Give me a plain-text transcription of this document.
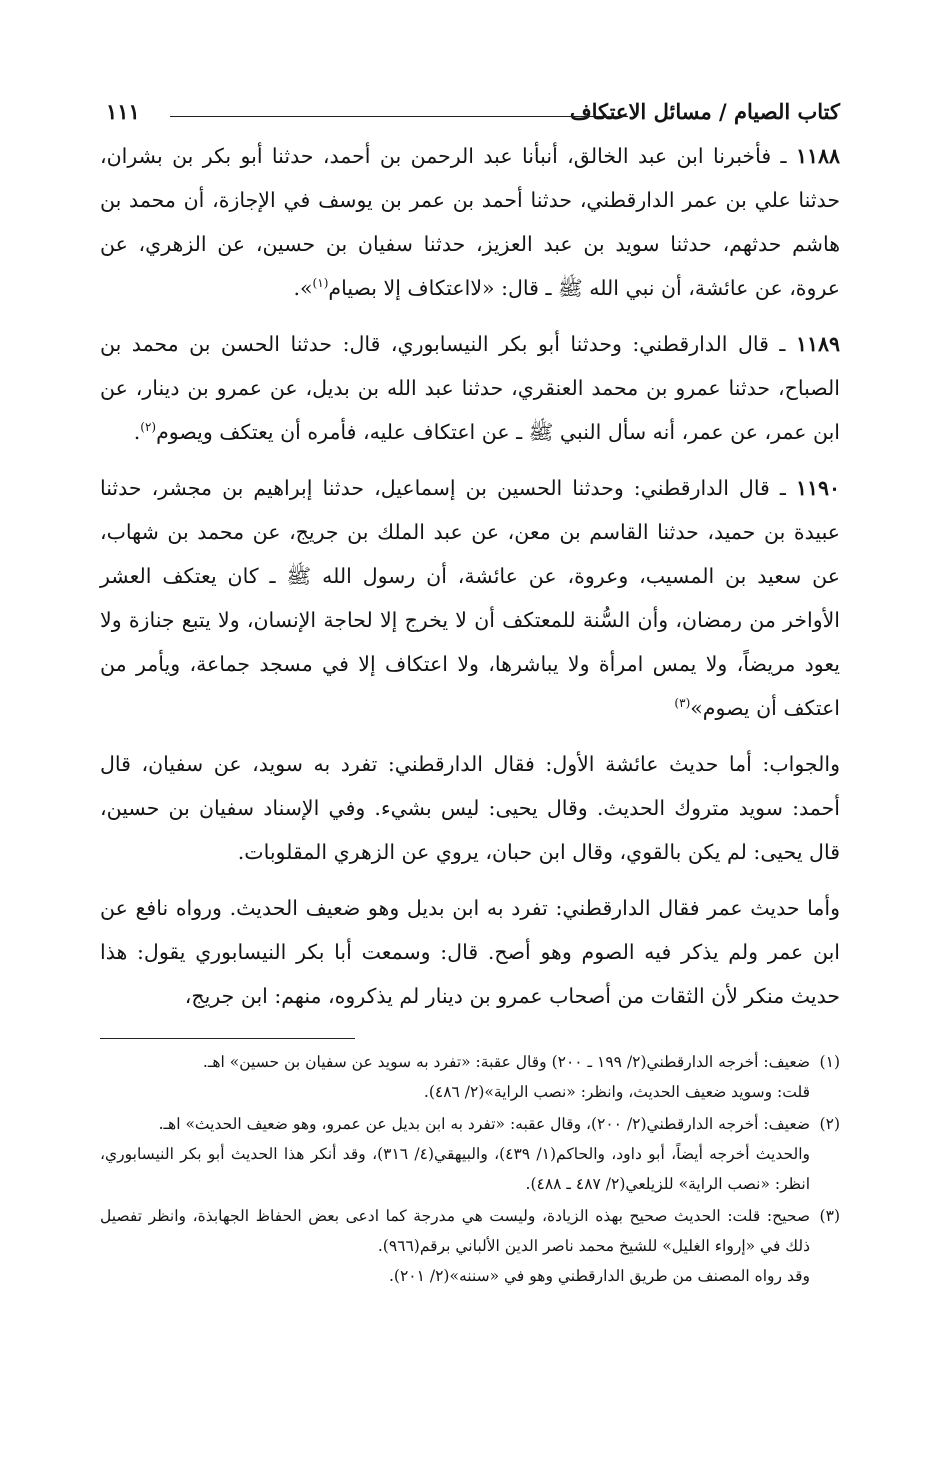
كتاب الصيام / مسائل الاعتكاف
١١١

١١٨٨ ـ فأخبرنا ابن عبد الخالق، أنبأنا عبد الرحمن بن أحمد، حدثنا أبو بكر بن بشران، حدثنا علي بن عمر الدارقطني، حدثنا أحمد بن عمر بن يوسف في الإجازة، أن محمد بن هاشم حدثهم، حدثنا سويد بن عبد العزيز، حدثنا سفيان بن حسين، عن الزهري، عن عروة، عن عائشة، أن نبي الله ﷺ ـ قال: «لااعتكاف إلا بصيام$^{(١)}$».

١١٨٩ ـ قال الدارقطني: وحدثنا أبو بكر النيسابوري، قال: حدثنا الحسن بن محمد بن الصباح، حدثنا عمرو بن محمد العنقري، حدثنا عبد الله بن بديل، عن عمرو بن دينار، عن ابن عمر، عن عمر، أنه سأل النبي ﷺ ـ عن اعتكاف عليه، فأمره أن يعتكف ويصوم$^{(٢)}$.

١١٩٠ ـ قال الدارقطني: وحدثنا الحسين بن إسماعيل، حدثنا إبراهيم بن مجشر، حدثنا عبيدة بن حميد، حدثنا القاسم بن معن، عن عبد الملك بن جريج، عن محمد بن شهاب، عن سعيد بن المسيب، وعروة، عن عائشة، أن رسول الله ﷺ ـ كان يعتكف العشر الأواخر من رمضان، وأن السُّنة للمعتكف أن لا يخرج إلا لحاجة الإنسان، ولا يتبع جنازة ولا يعود مريضاً، ولا يمس امرأة ولا يباشرها، ولا اعتكاف إلا في مسجد جماعة، ويأمر من اعتكف أن يصوم»$^{(٣)}$

والجواب: أما حديث عائشة الأول: فقال الدارقطني: تفرد به سويد، عن سفيان، قال أحمد: سويد متروك الحديث. وقال يحيى: ليس بشيء. وفي الإسناد سفيان بن حسين، قال يحيى: لم يكن بالقوي، وقال ابن حبان، يروي عن الزهري المقلوبات.

وأما حديث عمر فقال الدارقطني: تفرد به ابن بديل وهو ضعيف الحديث. ورواه نافع عن ابن عمر ولم يذكر فيه الصوم وهو أصح. قال: وسمعت أبا بكر النيسابوري يقول: هذا حديث منكر لأن الثقات من أصحاب عمرو بن دينار لم يذكروه، منهم: ابن جريج،

(١)

ضعيف: أخرجه الدارقطني(٢/ ١٩٩ ـ ٢٠٠) وقال عقبة: «تفرد به سويد عن سفيان بن حسين» اهـ.

قلت: وسويد ضعيف الحديث، وانظر: «نصب الراية»(٢/ ٤٨٦).

(٢)

ضعيف: أخرجه الدارقطني(٢/ ٢٠٠)، وقال عقبه: «تفرد به ابن بديل عن عمرو، وهو ضعيف الحديث» اهـ.

والحديث أخرجه أيضاً، أبو داود، والحاكم(١/ ٤٣٩)، والبيهقي(٤/ ٣١٦)، وقد أنكر هذا الحديث أبو بكر النيسابوري، انظر: «نصب الراية» للزيلعي(٢/ ٤٨٧ ـ ٤٨٨).

(٣)

صحيح: قلت: الحديث صحيح بهذه الزيادة، وليست هي مدرجة كما ادعى بعض الحفاظ الجهابذة، وانظر تفصيل ذلك في «إرواء الغليل» للشيخ محمد ناصر الدين الألباني برقم(٩٦٦).

وقد رواه المصنف من طريق الدارقطني وهو في «سننه»(٢/ ٢٠١).
